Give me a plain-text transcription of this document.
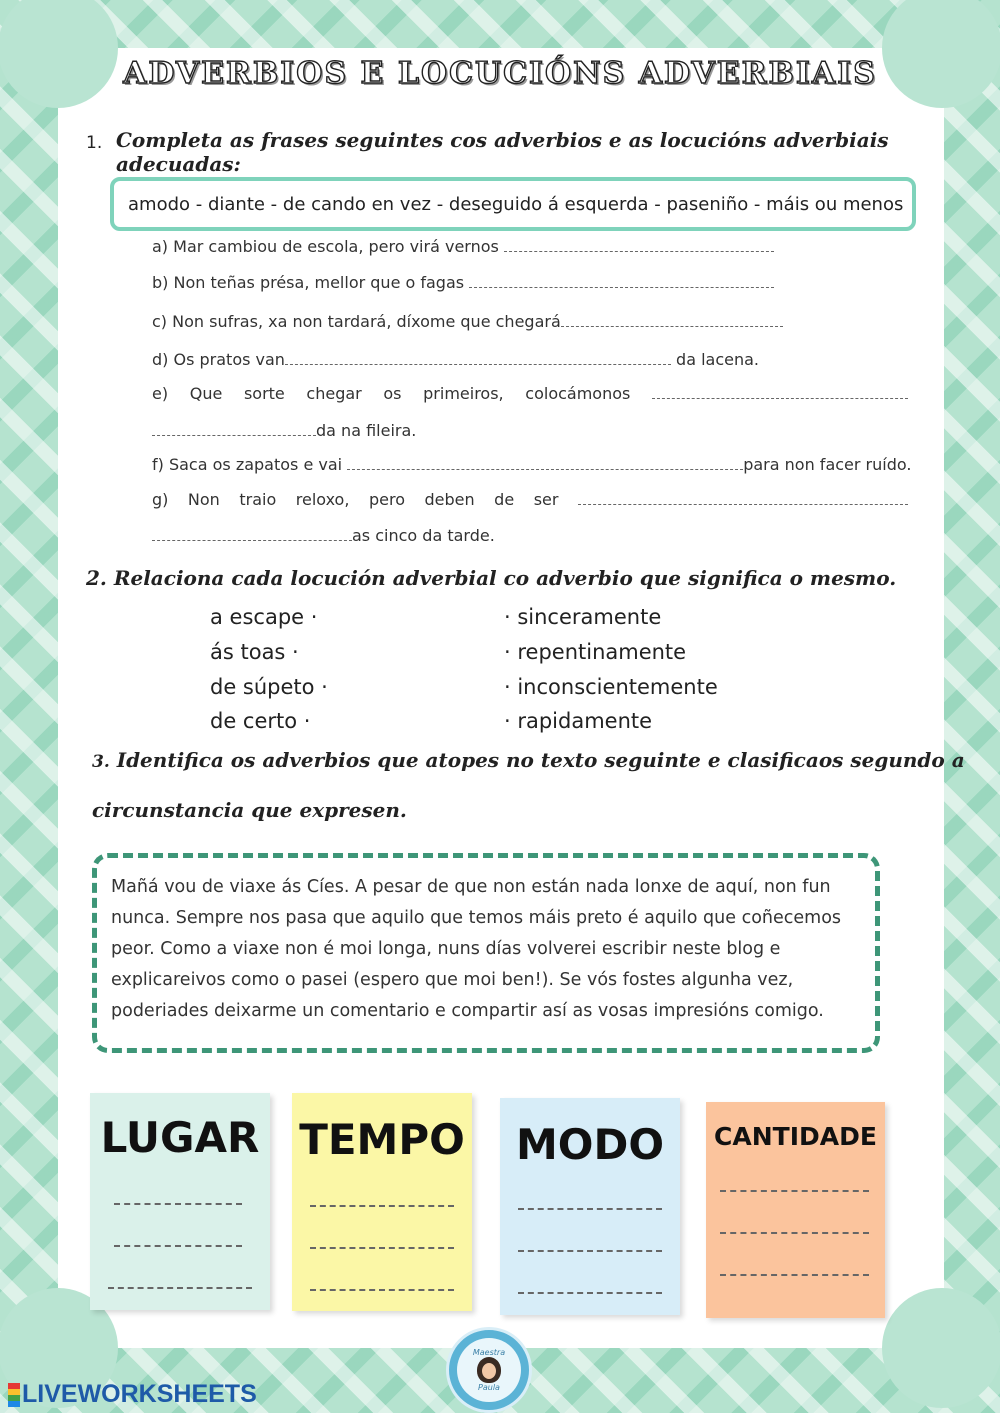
ADVERBIOS E LOCUCIÓNS ADVERBIAIS
1. Completa as frases seguintes cos adverbios e as locucións adverbiais adecuadas:
amodo - diante - de cando en vez - deseguido á esquerda - paseniño - máis ou menos
a) Mar cambiou de escola, pero virá vernos
b) Non teñas présa, mellor que o fagas
c) Non sufras, xa non tardará, díxome que chegará
d) Os pratos van	da lacena.
e) Que sorte chegar os primeiros, colocámonos
da na fileira.
f) Saca os zapatos e vai	para non facer ruído.
g) Non traio reloxo, pero deben de ser
as cinco da tarde.
2. Relaciona cada locución adverbial co adverbio que significa o mesmo.
a escape ·
ás toas ·
de súpeto ·
de certo ·
· sinceramente
· repentinamente
· inconscientemente
· rapidamente
3. Identifica os adverbios que atopes no texto seguinte e clasificaos segundo a
circunstancia que expresen.
Mañá vou de viaxe ás Cíes. A pesar de que non están nada lonxe de aquí, non fun nunca. Sempre nos pasa que aquilo que temos máis preto é aquilo que coñecemos peor. Como a viaxe non é moi longa, nuns días volverei escribir neste blog e explicareivos como o pasei (espero que moi ben!). Se vós fostes algunha vez, poderiades deixarme un comentario e compartir así as vosas impresións comigo.
LUGAR TEMPO	MODO	CANTIDADE
Maestra
Paula
LIVEWORKSHEETS
